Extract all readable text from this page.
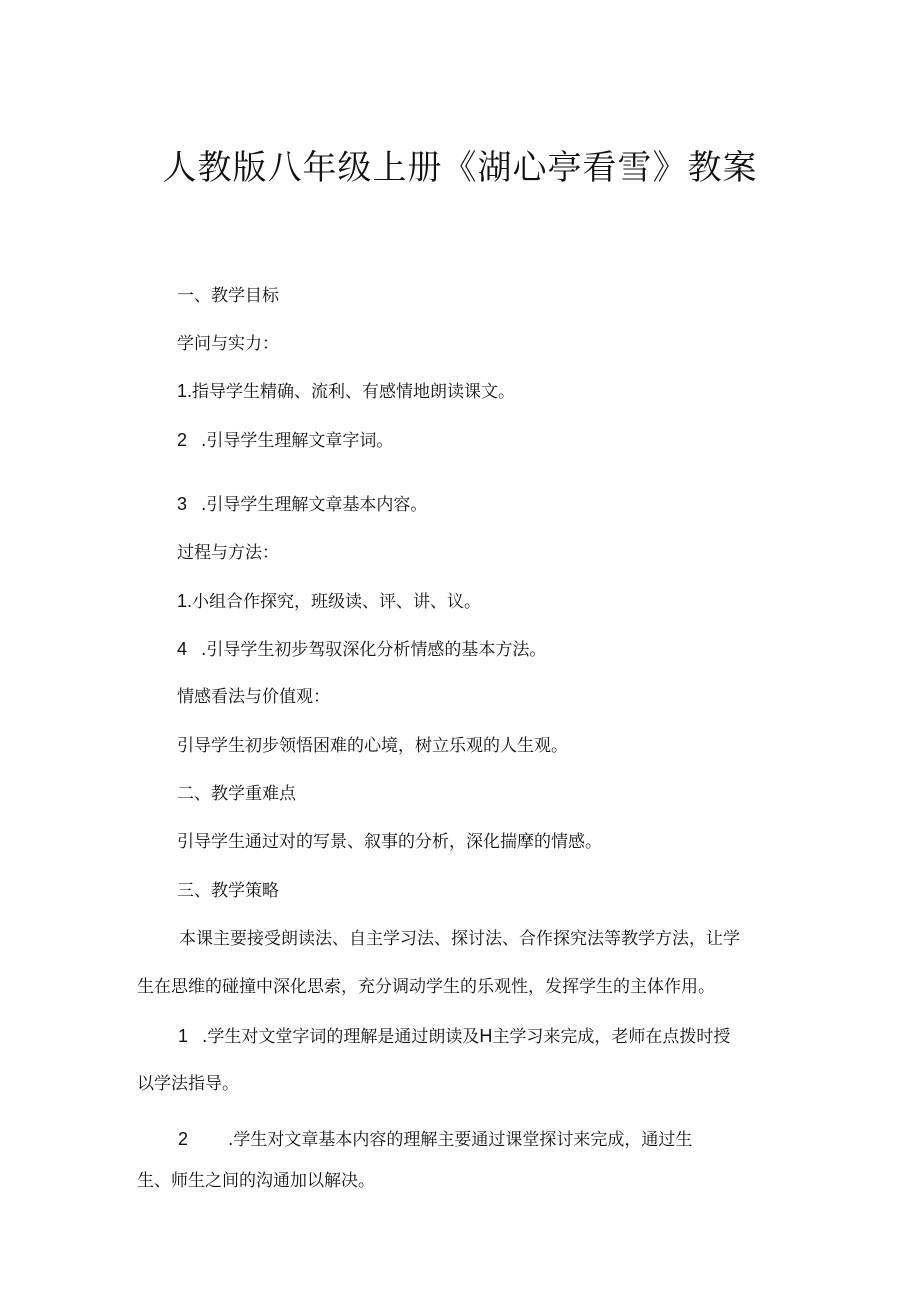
人教版八年级上册《湖心亭看雪》教案
一、教学目标
学问与实力：
1.指导学生精确、流利、有感情地朗读课文。
2 .引导学生理解文章字词。
3 .引导学生理解文章基本内容。
过程与方法：
1.小组合作探究，班级读、评、讲、议。
4 .引导学生初步驾驭深化分析情感的基本方法。
情感看法与价值观：
引导学生初步领悟困难的心境，树立乐观的人生观。
二、教学重难点
引导学生通过对的写景、叙事的分析，深化揣摩的情感。
三、教学策略
本课主要接受朗读法、自主学习法、探讨法、合作探究法等教学方法，让学
生在思维的碰撞中深化思索，充分调动学生的乐观性，发挥学生的主体作用。
1 .学生对文堂字词的理解是通过朗读及H主学习来完成，老师在点拨时授
以学法指导。
2 .学生对文章基本内容的理解主要通过课堂探讨来完成，通过生
生、师生之间的沟通加以解决。
